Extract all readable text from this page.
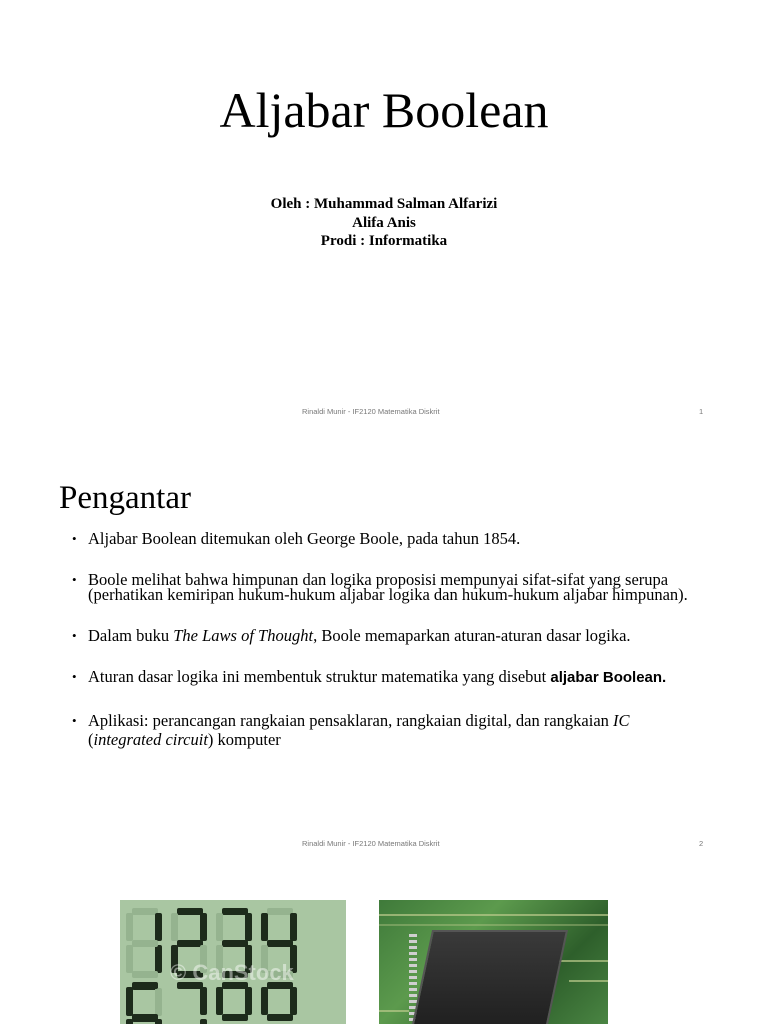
Aljabar Boolean
Oleh : Muhammad Salman Alfarizi
Alifa Anis
Prodi : Informatika
Rinaldi Munir - IF2120 Matematika Diskrit	1
Pengantar
• Aljabar Boolean ditemukan oleh George Boole, pada tahun 1854.
• Boole melihat bahwa himpunan dan logika proposisi mempunyai sifat-sifat yang serupa (perhatikan kemiripan hukum-hukum aljabar logika dan hukum-hukum aljabar himpunan).
• Dalam buku The Laws of Thought, Boole memaparkan aturan-aturan dasar logika.
• Aturan dasar logika ini membentuk struktur matematika yang disebut aljabar Boolean.
• Aplikasi: perancangan rangkaian pensaklaran, rangkaian digital, dan rangkaian IC
(integrated circuit) komputer
Rinaldi Munir - IF2120 Matematika Diskrit	2

© CanStock
